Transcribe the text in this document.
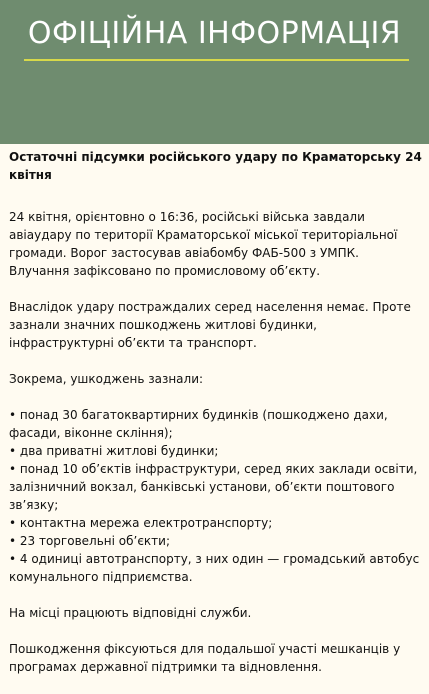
ОФІЦІЙНА ІНФОРМАЦІЯ
Остаточні підсумки російського удару по Краматорську 24 квітня
24 квітня, орієнтовно о 16:36, російські війська завдали авіаудару по території Краматорської міської територіальної громади. Ворог застосував авіабомбу ФАБ-500 з УМПК. Влучання зафіксовано по промисловому об’єкту.
Внаслідок удару постраждалих серед населення немає. Проте зазнали значних пошкоджень житлові будинки, інфраструктурні об’єкти та транспорт.
Зокрема, ушкоджень зазнали:
• понад 30 багатоквартирних будинків (пошкоджено дахи, фасади, віконне скління);
• два приватні житлові будинки;
• понад 10 об’єктів інфраструктури, серед яких заклади освіти, залізничний вокзал, банківські установи, об’єкти поштового зв’язку;
• контактна мережа електротранспорту;
• 23 торговельні об’єкти;
• 4 одиниці автотранспорту, з них один — громадський автобус комунального підприємства.
На місці працюють відповідні служби.
Пошкодження фіксуються для подальшої участі мешканців у програмах державної підтримки та відновлення.
